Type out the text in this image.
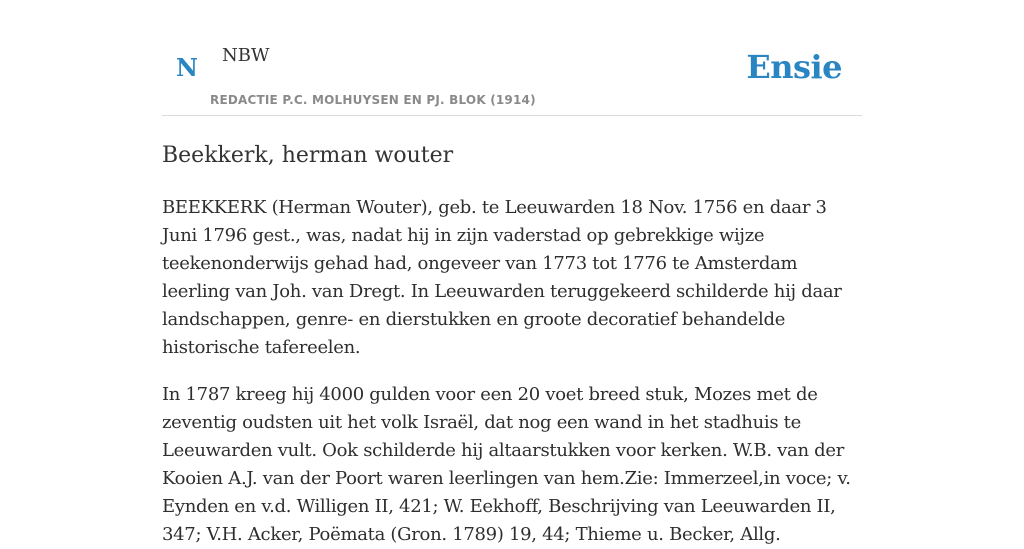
N NBW
REDACTIE P.C. MOLHUYSEN EN PJ. BLOK (1914)
Ensie
Beekkerk, herman wouter

BEEKKERK (Herman Wouter), geb. te Leeuwarden 18 Nov. 1756 en daar 3 Juni 1796 gest., was, nadat hij in zijn vaderstad op gebrekkige wijze teekenonderwijs gehad had, ongeveer van 1773 tot 1776 te Amsterdam leerling van Joh. van Dregt. In Leeuwarden teruggekeerd schilderde hij daar landschappen, genre- en dierstukken en groote decoratief behandelde historische tafereelen.

In 1787 kreeg hij 4000 gulden voor een 20 voet breed stuk, Mozes met de zeventig oudsten uit het volk Israël, dat nog een wand in het stadhuis te Leeuwarden vult. Ook schilderde hij altaarstukken voor kerken. W.B. van der Kooien A.J. van der Poort waren leerlingen van hem.Zie: Immerzeel,in voce; v. Eynden en v.d. Willigen II, 421; W. Eekhoff, Beschrijving van Leeuwarden II, 347; V.H. Acker, Poëmata (Gron. 1789) 19, 44; Thieme u. Becker, Allg.
